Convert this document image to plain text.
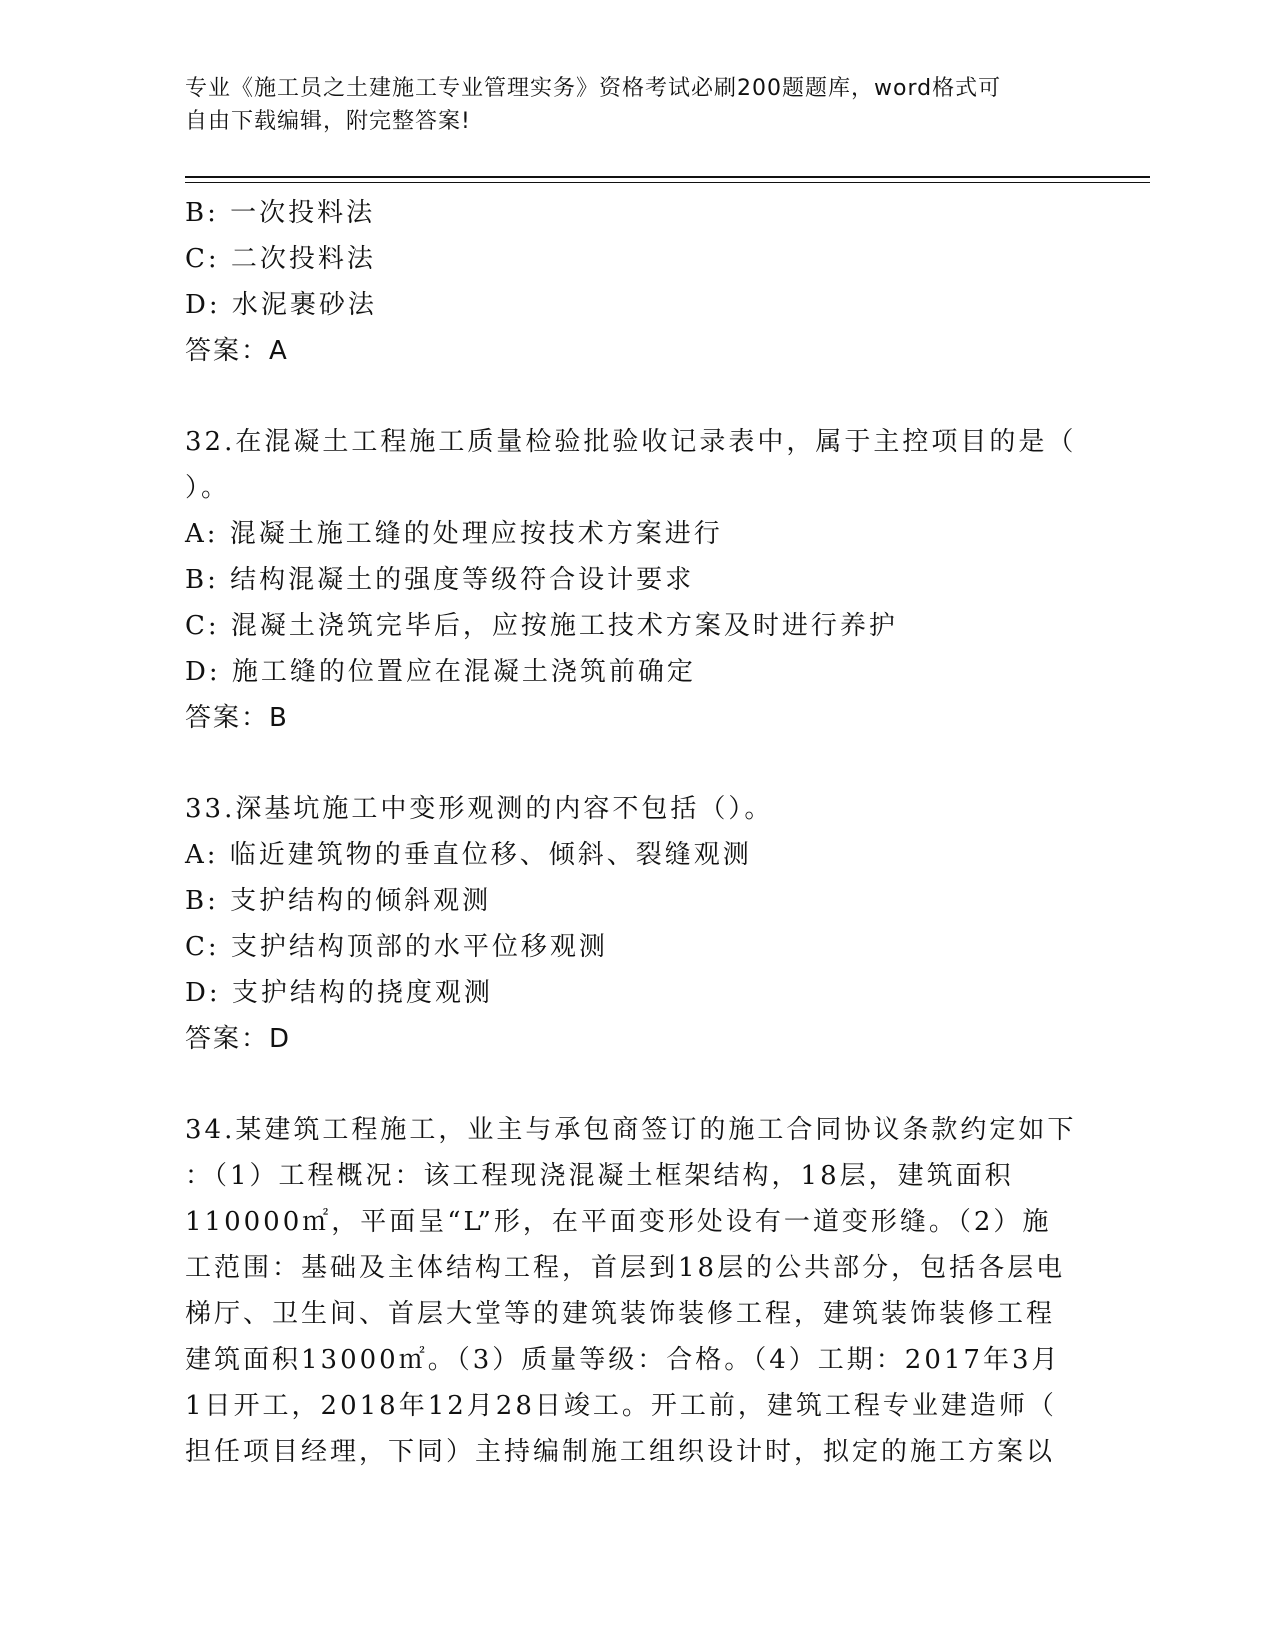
专业《施工员之土建施工专业管理实务》资格考试必刷200题题库，word格式可
自由下载编辑，附完整答案!
B: 一次投料法
C: 二次投料法
D: 水泥裹砂法
答案：A
32.在混凝土工程施工质量检验批验收记录表中，属于主控项目的是（
）。
A: 混凝土施工缝的处理应按技术方案进行
B: 结构混凝土的强度等级符合设计要求
C: 混凝土浇筑完毕后，应按施工技术方案及时进行养护
D: 施工缝的位置应在混凝土浇筑前确定
答案：B
33.深基坑施工中变形观测的内容不包括（）。
A: 临近建筑物的垂直位移、倾斜、裂缝观测
B: 支护结构的倾斜观测
C: 支护结构顶部的水平位移观测
D: 支护结构的挠度观测
答案：D
34.某建筑工程施工，业主与承包商签订的施工合同协议条款约定如下
：（1）工程概况：该工程现浇混凝土框架结构，18层，建筑面积
110000㎡，平面呈“L”形，在平面变形处设有一道变形缝。（2）施
工范围：基础及主体结构工程，首层到18层的公共部分，包括各层电
梯厅、卫生间、首层大堂等的建筑装饰装修工程，建筑装饰装修工程
建筑面积13000㎡。（3）质量等级：合格。（4）工期：2017年3月
1日开工，2018年12月28日竣工。开工前，建筑工程专业建造师（
担任项目经理，下同）主持编制施工组织设计时，拟定的施工方案以
